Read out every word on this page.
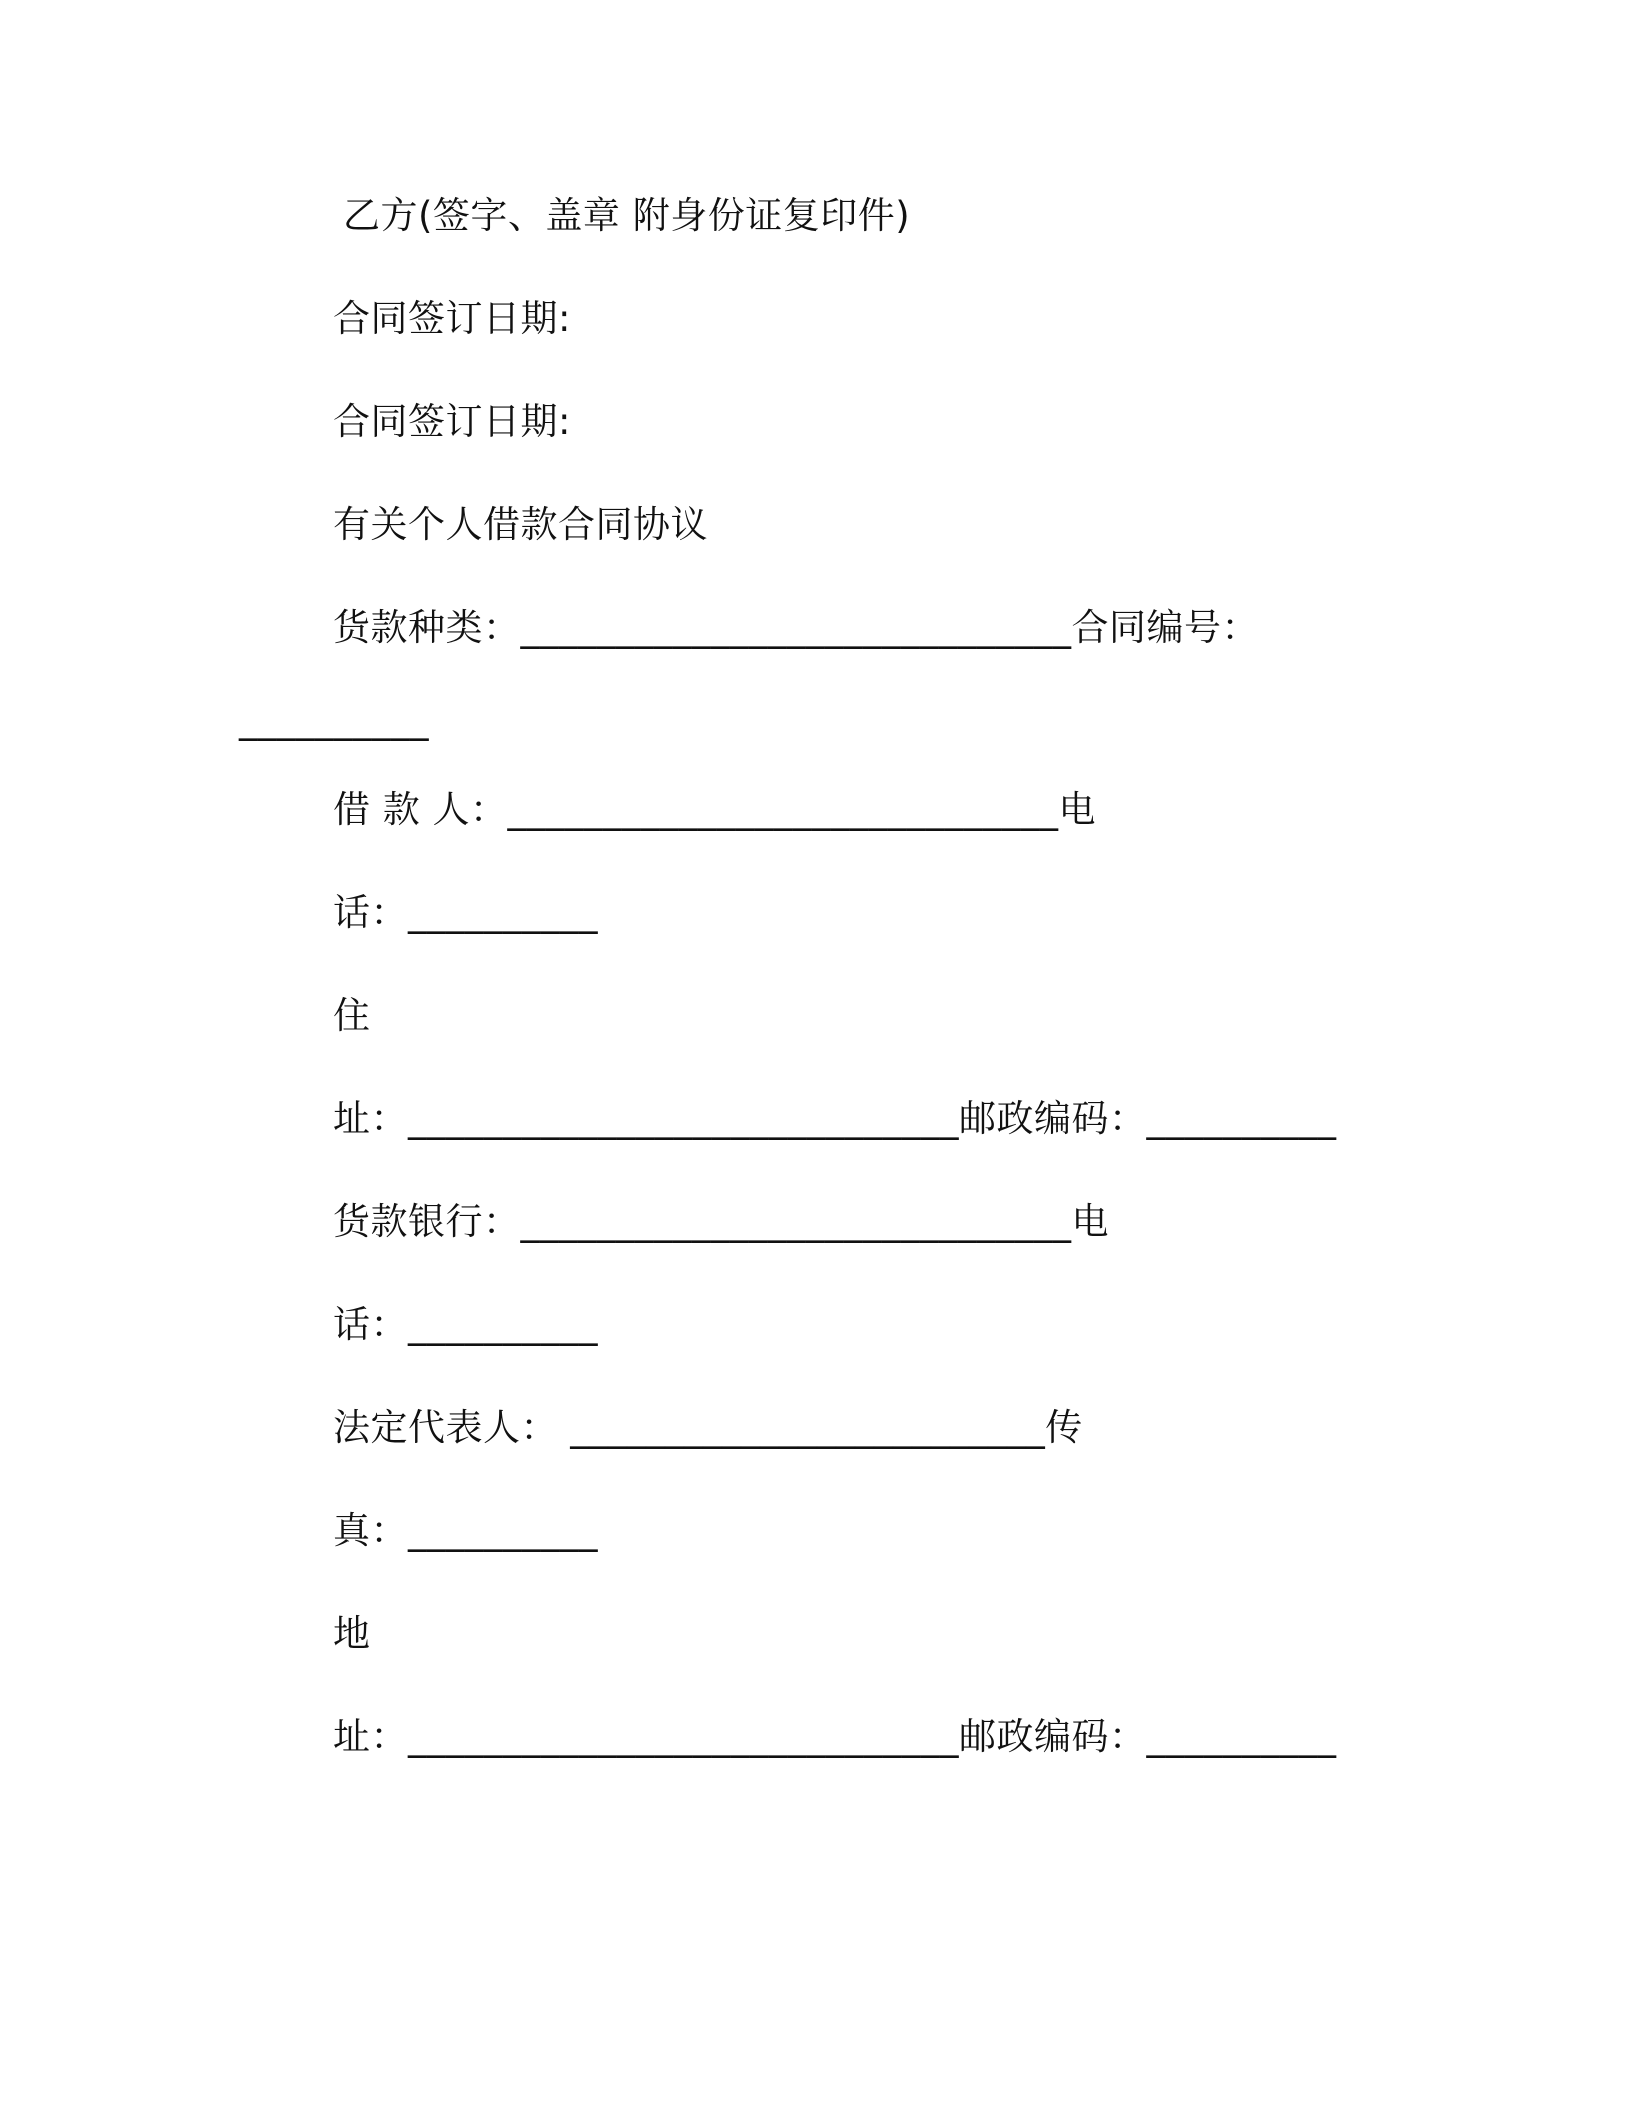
乙方(签字、盖章 附身份证复印件)
合同签订日期:
合同签订日期:
有关个人借款合同协议
货款种类：_____________________________合同编号：
__________
借 款 人：_____________________________电
话：__________
住
址：_____________________________邮政编码：__________
货款银行：_____________________________电
话：__________
法定代表人： _________________________传
真：__________
地
址：_____________________________邮政编码：__________
